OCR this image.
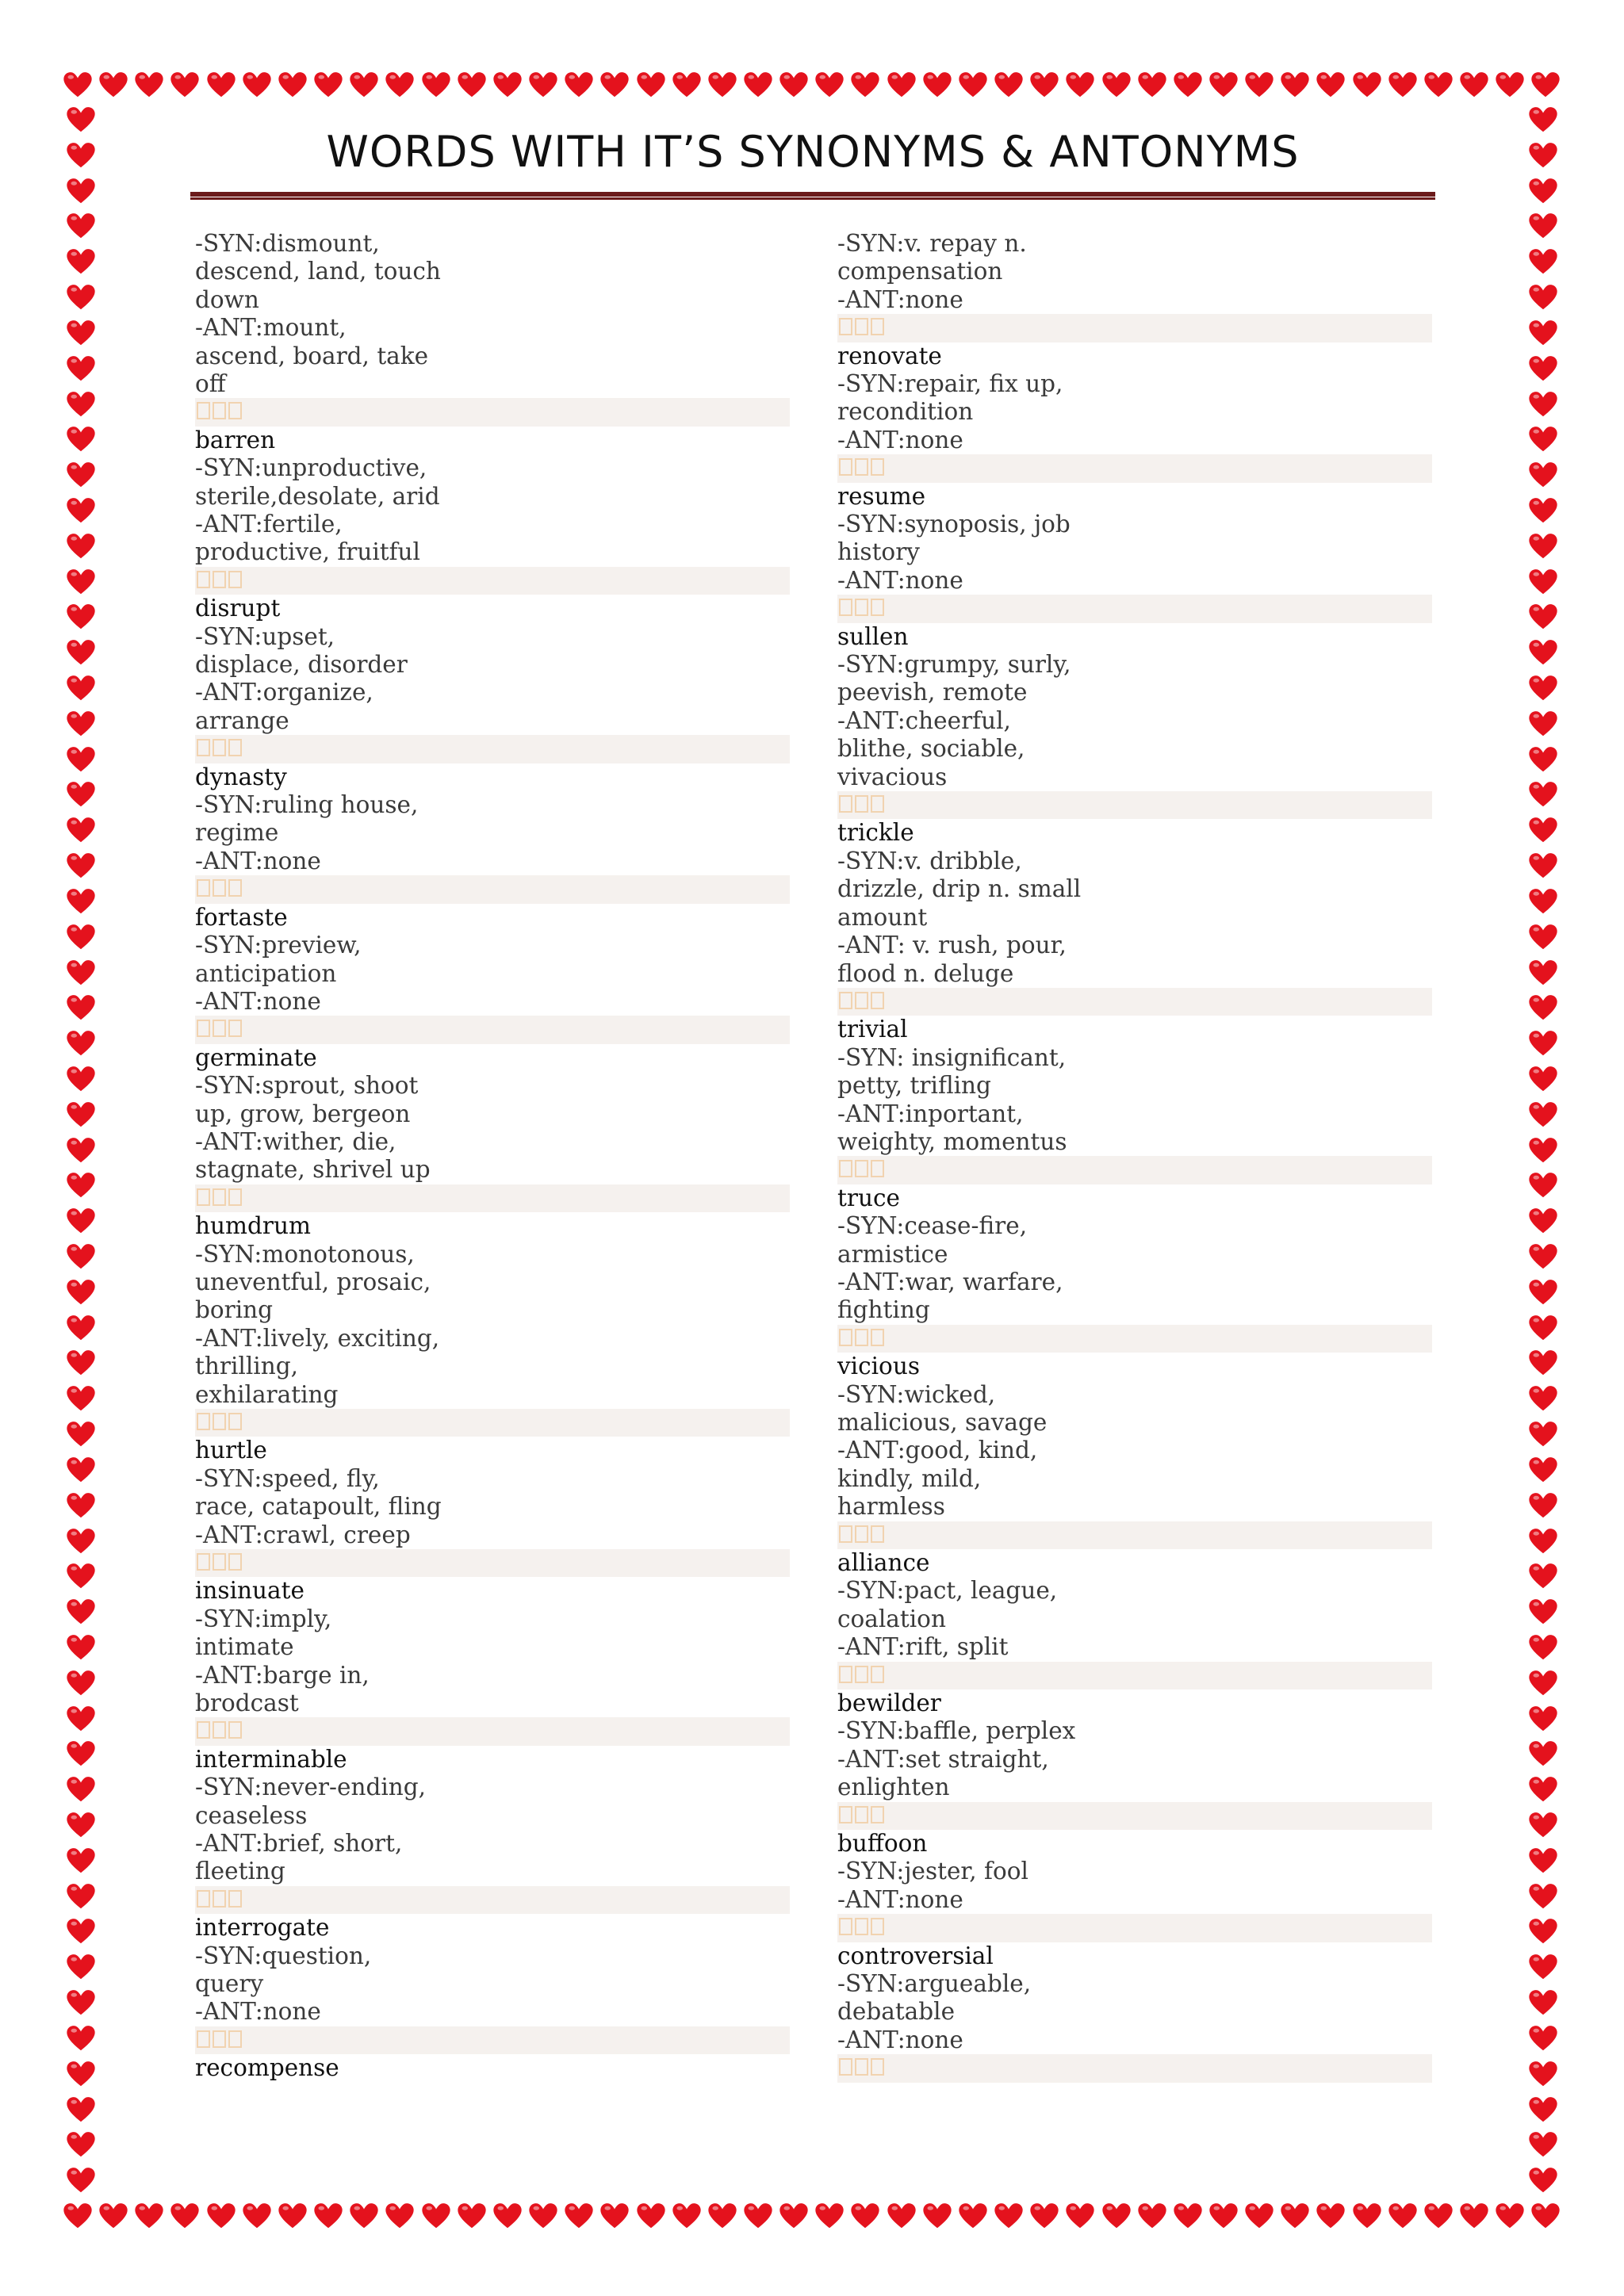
WORDS WITH IT’S SYNONYMS & ANTONYMS
-SYN:dismount,
descend, land, touch
down
-ANT:mount,
ascend, board, take
off
barren
-SYN:unproductive,
sterile,desolate, arid
-ANT:fertile,
productive, fruitful
disrupt
-SYN:upset,
displace, disorder
-ANT:organize,
arrange
dynasty
-SYN:ruling house,
regime
-ANT:none
fortaste
-SYN:preview,
anticipation
-ANT:none
germinate
-SYN:sprout, shoot
up, grow, bergeon
-ANT:wither, die,
stagnate, shrivel up
humdrum
-SYN:monotonous,
uneventful, prosaic,
boring
-ANT:lively, exciting,
thrilling,
exhilarating
hurtle
-SYN:speed, fly,
race, catapoult, fling
-ANT:crawl, creep
insinuate
-SYN:imply,
intimate
-ANT:barge in,
brodcast
interminable
-SYN:never-ending,
ceaseless
-ANT:brief, short,
fleeting
interrogate
-SYN:question,
query
-ANT:none
recompense
-SYN:v. repay n.
compensation
-ANT:none
renovate
-SYN:repair, fix up,
recondition
-ANT:none
resume
-SYN:synoposis, job
history
-ANT:none
sullen
-SYN:grumpy, surly,
peevish, remote
-ANT:cheerful,
blithe, sociable,
vivacious
trickle
-SYN:v. dribble,
drizzle, drip n. small
amount
-ANT: v. rush, pour,
flood n. deluge
trivial
-SYN: insignificant,
petty, trifling
-ANT:inportant,
weighty, momentus
truce
-SYN:cease-fire,
armistice
-ANT:war, warfare,
fighting
vicious
-SYN:wicked,
malicious, savage
-ANT:good, kind,
kindly, mild,
harmless
alliance
-SYN:pact, league,
coalation
-ANT:rift, split
bewilder
-SYN:baffle, perplex
-ANT:set straight,
enlighten
buffoon
-SYN:jester, fool
-ANT:none
controversial
-SYN:argueable,
debatable
-ANT:none
